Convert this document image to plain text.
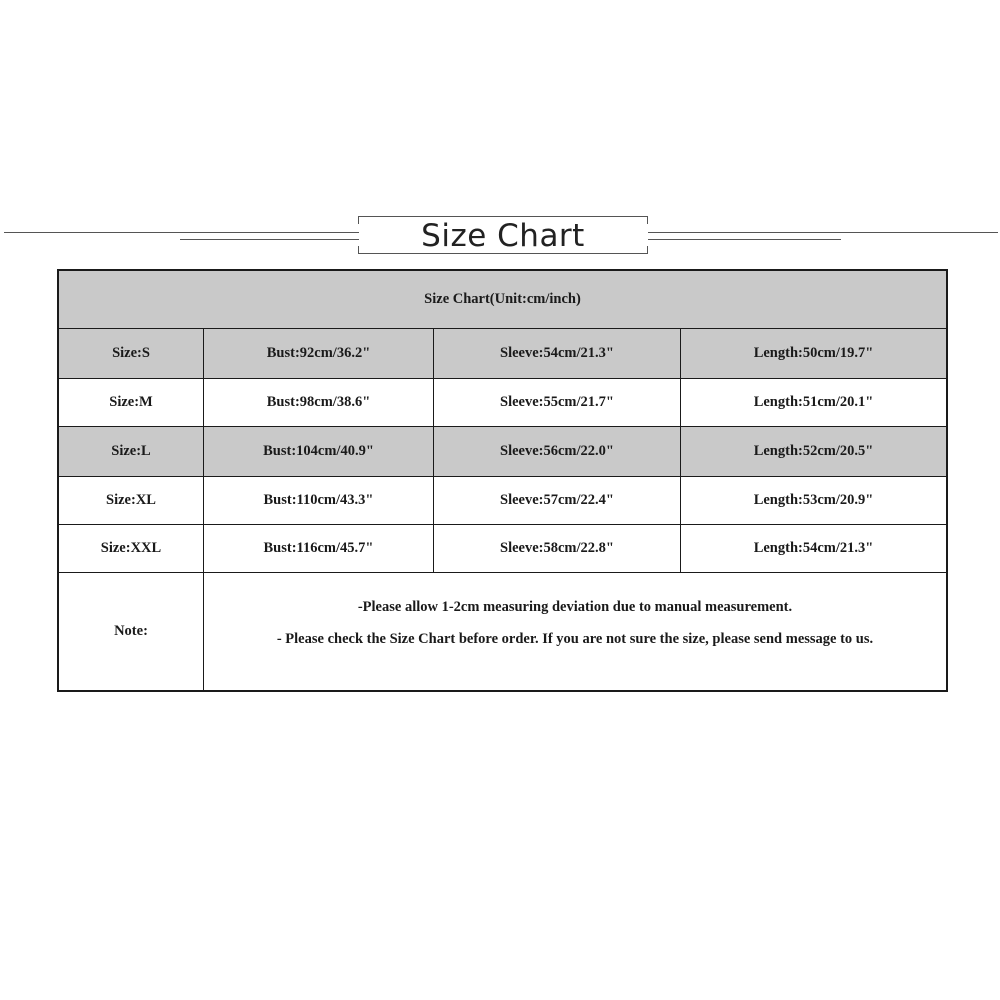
Size Chart
Size Chart(Unit:cm/inch)
Size:S	Bust:92cm/36.2"	Sleeve:54cm/21.3"	Length:50cm/19.7"
Size:M	Bust:98cm/38.6"	Sleeve:55cm/21.7"	Length:51cm/20.1"
Size:L	Bust:104cm/40.9"	Sleeve:56cm/22.0"	Length:52cm/20.5"
Size:XL	Bust:110cm/43.3"	Sleeve:57cm/22.4"	Length:53cm/20.9"
Size:XXL	Bust:116cm/45.7"	Sleeve:58cm/22.8"	Length:54cm/21.3"
Note:
-Please allow 1-2cm measuring deviation due to manual measurement.
- Please check the Size Chart before order. If you are not sure the size, please send message to us.
